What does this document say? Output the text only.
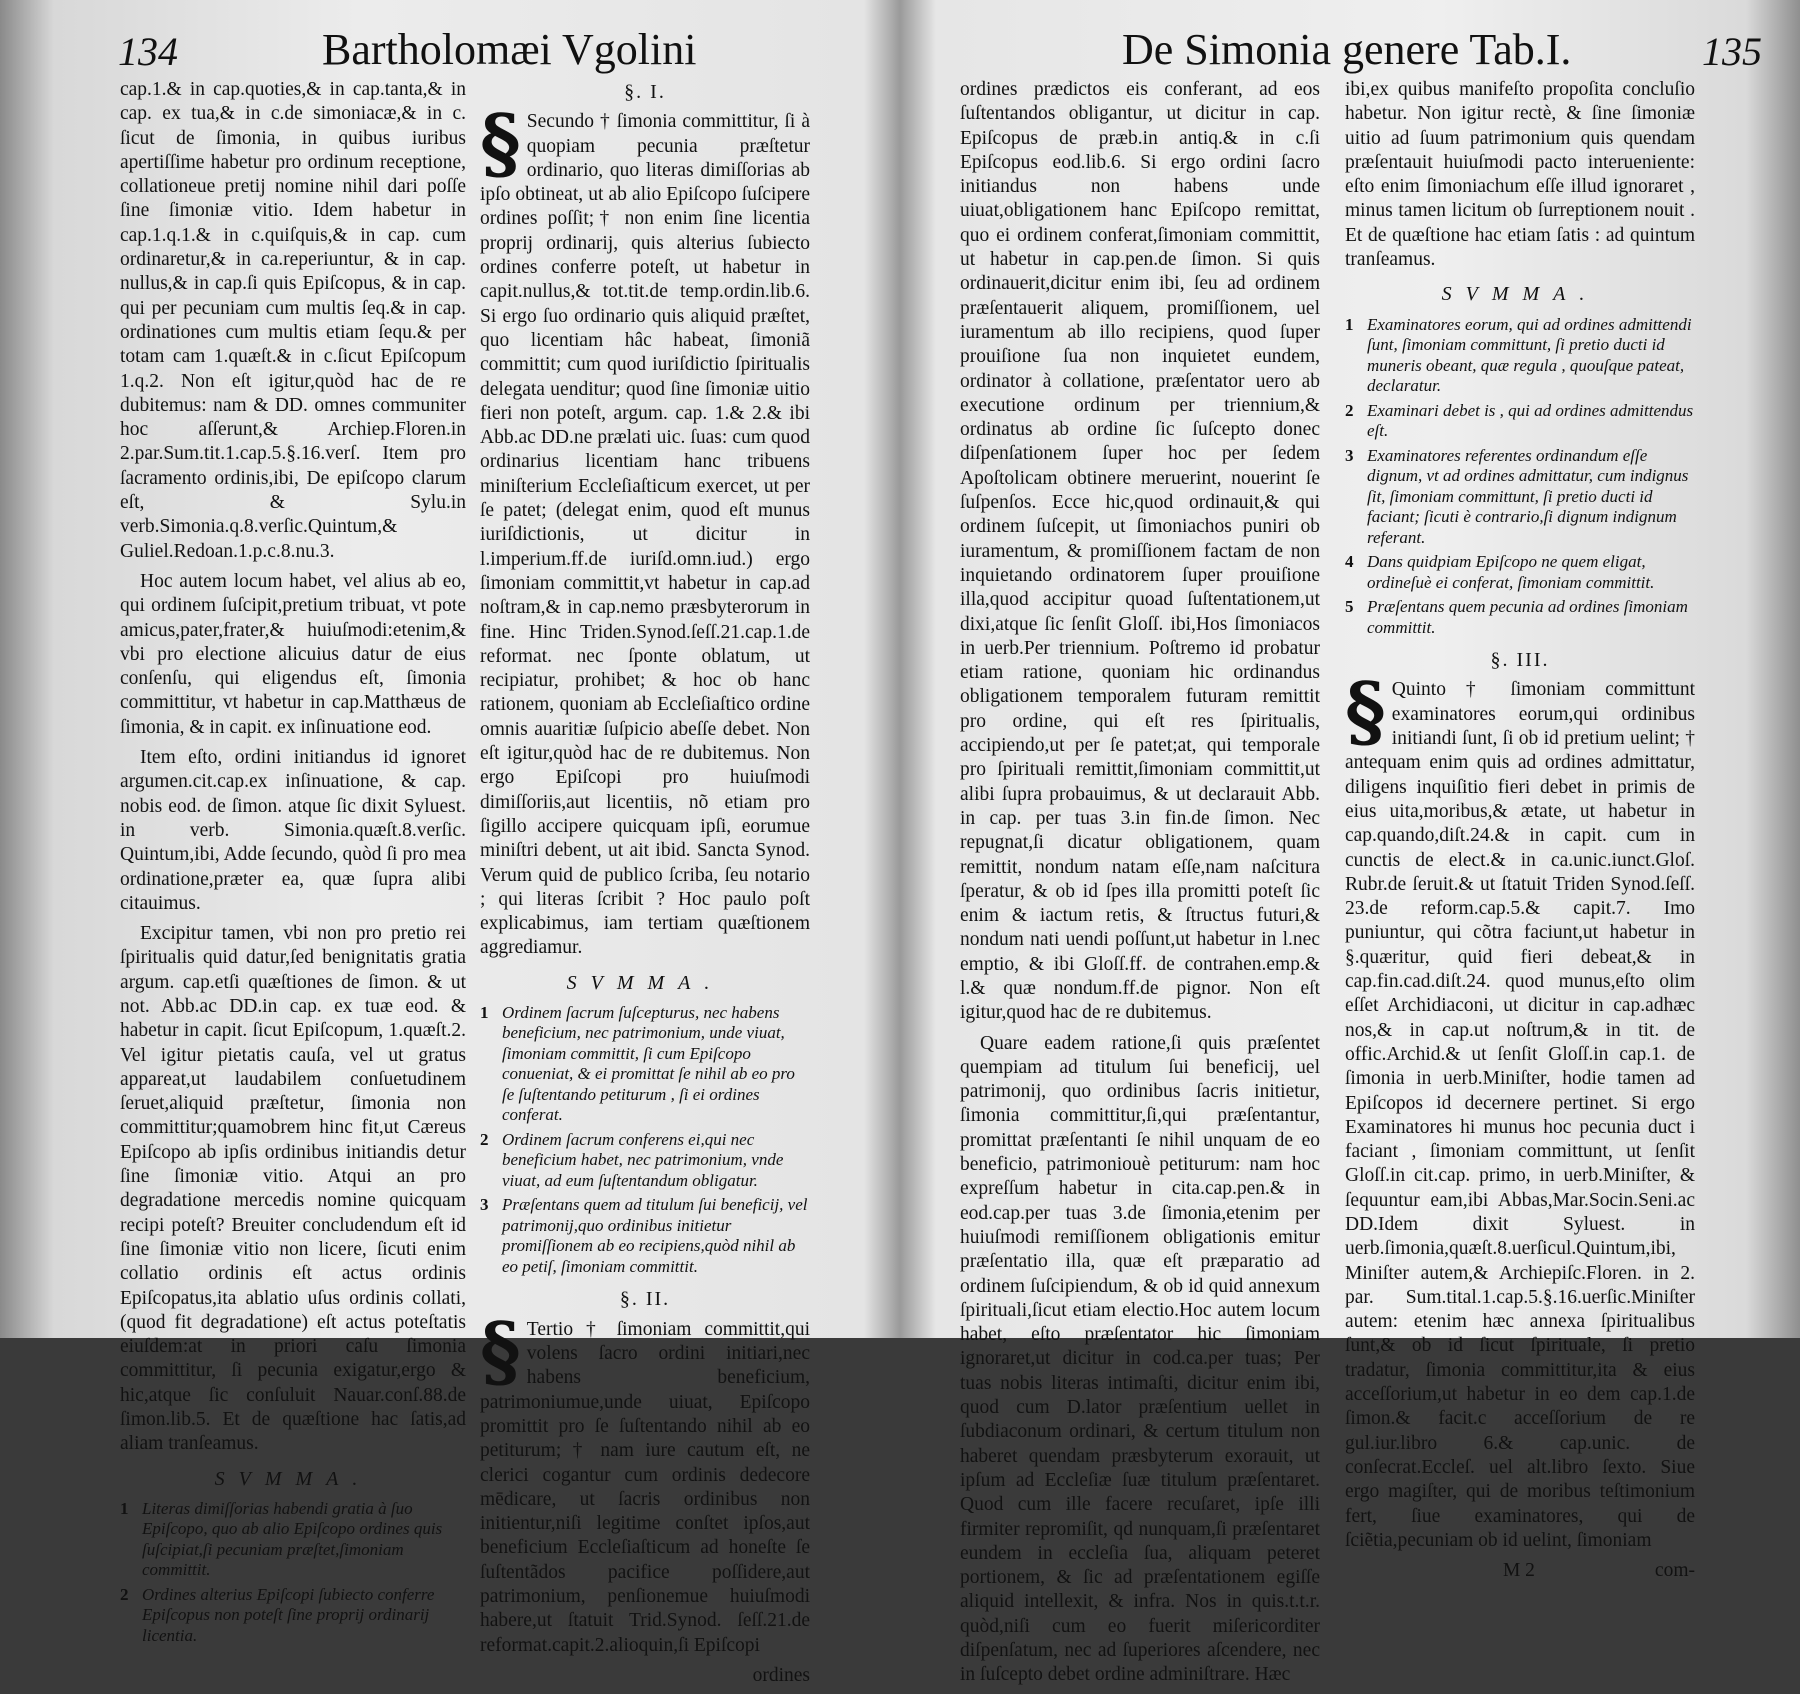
134	Bartholomæi Vgolini

cap.1.& in cap.quoties,& in cap.tanta,& in cap. ex tua,& in c.de simoniacæ,& in c. ſicut de ſimonia, in quibus iuribus apertiſſime habetur pro ordinum receptione, collationeue pretij nomine nihil dari poſſe ſine ſimoniæ vitio. Idem habetur in cap.1.q.1.& in c.quiſquis,& in cap. cum ordinaretur,& in ca.reperiuntur, & in cap. nullus,& in cap.ſi quis Epiſcopus, & in cap. qui per pecuniam cum multis ſeq.& in cap. ordinationes cum multis etiam ſequ.& per totam cam 1.quæſt.& in c.ſicut Epiſcopum 1.q.2. Non eſt igitur,quòd hac de re dubitemus: nam & DD. omnes communiter hoc aſſerunt,& Archiep.Floren.in 2.par.Sum.tit.1.cap.5.§.16.verſ. Item pro ſacramento ordinis,ibi, De epiſcopo clarum eſt, & Sylu.in verb.Simonia.q.8.verſic.Quintum,& Guliel.Redoan.1.p.c.8.nu.3.

Hoc autem locum habet, vel alius ab eo, qui ordinem ſuſcipit,pretium tribuat, vt pote amicus,pater,frater,& huiuſmodi:etenim,& vbi pro electione alicuius datur de eius conſenſu, qui eligendus eſt, ſimonia committitur, vt habetur in cap.Matthæus de ſimonia, & in capit. ex inſinuatione eod.

Item eſto, ordini initiandus id ignoret argumen.cit.cap.ex inſinuatione, & cap. nobis eod. de ſimon. atque ſic dixit Syluest. in verb. Simonia.quæſt.8.verſic. Quintum,ibi, Adde ſecundo, quòd ſi pro mea ordinatione,præter ea, quæ ſupra alibi citauimus.

Excipitur tamen, vbi non pro pretio rei ſpiritualis quid datur,ſed benignitatis gratia argum. cap.etſi quæſtiones de ſimon. & ut not. Abb.ac DD.in cap. ex tuæ eod. & habetur in capit. ſicut Epiſcopum, 1.quæſt.2. Vel igitur pietatis cauſa, vel ut gratus appareat,ut laudabilem conſuetudinem ſeruet,aliquid præſtetur, ſimonia non committitur;quamobrem hinc fit,ut Cæreus Epiſcopo ab ipſis ordinibus initiandis detur ſine ſimoniæ vitio. Atqui an pro degradatione mercedis nomine quicquam recipi poteſt? Breuiter concludendum eſt id ſine ſimoniæ vitio non licere, ſicuti enim collatio ordinis eſt actus ordinis Epiſcopatus,ita ablatio uſus ordinis collati, (quod fit degradatione) eſt actus poteſtatis eiuſdem:at in priori caſu ſimonia committitur, ſi pecunia exigatur,ergo & hic,atque ſic conſuluit Nauar.conſ.88.de ſimon.lib.5. Et de quæſtione hac ſatis,ad aliam tranſeamus.

SVMMA.
1 Literas dimiſſorias habendi gratia à ſuo Epiſcopo, quo ab alio Epiſcopo ordines quis ſuſcipiat,ſi pecuniam præſtet,ſimoniam committit.
2 Ordines alterius Epiſcopi ſubiecto conferre Epiſcopus non poteſt ſine proprij ordinarij licentia.
§. I.

§ Secundo † ſimonia committitur, ſi à quopiam pecunia præſtetur ordinario, quo literas dimiſſorias ab ipſo obtineat, ut ab alio Epiſcopo ſuſcipere ordines poſſit;† non enim ſine licentia proprij ordinarij, quis alterius ſubiecto ordines conferre poteſt, ut habetur in capit.nullus,& tot.tit.de temp.ordin.lib.6. Si ergo ſuo ordinario quis aliquid præſtet, quo licentiam hâc habeat, ſimoniã committit; cum quod iuriſdictio ſpiritualis delegata uenditur; quod ſine ſimoniæ uitio fieri non poteſt, argum. cap. 1.& 2.& ibi Abb.ac DD.ne prælati uic. ſuas: cum quod ordinarius licentiam hanc tribuens miniſterium Eccleſiaſticum exercet, ut per ſe patet; (delegat enim, quod eſt munus iuriſdictionis, ut dicitur in l.imperium.ff.de iuriſd.omn.iud.) ergo ſimoniam committit,vt habetur in cap.ad noſtram,& in cap.nemo præsbyterorum in fine. Hinc Triden.Synod.ſeſſ.21.cap.1.de reformat. nec ſponte oblatum, ut recipiatur, prohibet; & hoc ob hanc rationem, quoniam ab Eccleſiaſtico ordine omnis auaritiæ ſuſpicio abeſſe debet. Non eſt igitur,quòd hac de re dubitemus. Non ergo Epiſcopi pro huiuſmodi dimiſſoriis,aut licentiis, nõ etiam pro ſigillo accipere quicquam ipſi, eorumue miniſtri debent, ut ait ibid. Sancta Synod. Verum quid de publico ſcriba, ſeu notario ; qui literas ſcribit ? Hoc paulo poſt explicabimus, iam tertiam quæſtionem aggrediamur.

SVMMA.
1 Ordinem ſacrum ſuſcepturus, nec habens beneficium, nec patrimonium, unde viuat, ſimoniam committit, ſi cum Epiſcopo conueniat, & ei promittat ſe nihil ab eo pro ſe ſuſtentando petiturum , ſi ei ordines conferat.
2 Ordinem ſacrum conferens ei,qui nec beneficium habet, nec patrimonium, vnde viuat, ad eum ſuſtentandum obligatur.
3 Præſentans quem ad titulum ſui beneficij, vel patrimonij,quo ordinibus initietur promiſſionem ab eo recipiens,quòd nihil ab eo petiſ, ſimoniam committit.
§. II.

§ Tertio † ſimoniam committit,qui volens ſacro ordini initiari,nec habens beneficium, patrimoniumue,unde uiuat, Epiſcopo promittit pro ſe ſuſtentando nihil ab eo petiturum; † nam iure cautum eſt, ne clerici cogantur cum ordinis dedecore mēdicare, ut ſacris ordinibus non initientur,niſi legitime conſtet ipſos,aut beneficium Eccleſiaſticum ad honeſte ſe ſuſtentãdos pacifice poſſidere,aut patrimonium, penſionemue huiuſmodi habere,ut ſtatuit Trid.Synod. ſeſſ.21.de reformat.capit.2.alioquin,ſi Epiſcopi

ordines
De Simonia genere Tab.I.	135

ordines prædictos eis conferant, ad eos ſuſtentandos obligantur, ut dicitur in cap. Epiſcopus de præb.in antiq.& in c.ſi Epiſcopus eod.lib.6. Si ergo ordini ſacro initiandus non habens unde uiuat,obligationem hanc Epiſcopo remittat, quo ei ordinem conferat,ſimoniam committit, ut habetur in cap.pen.de ſimon. Si quis ordinauerit,dicitur enim ibi, ſeu ad ordinem præſentauerit aliquem, promiſſionem, uel iuramentum ab illo recipiens, quod ſuper prouiſione ſua non inquietet eundem, ordinator à collatione, præſentator uero ab executione ordinum per triennium,& ordinatus ab ordine ſic ſuſcepto donec diſpenſationem ſuper hoc per ſedem Apoſtolicam obtinere meruerint, nouerint ſe ſuſpenſos. Ecce hic,quod ordinauit,& qui ordinem ſuſcepit, ut ſimoniachos puniri ob iuramentum, & promiſſionem factam de non inquietando ordinatorem ſuper prouiſione illa,quod accipitur quoad ſuſtentationem,ut dixi,atque ſic ſenſit Gloſſ. ibi,Hos ſimoniacos in uerb.Per triennium. Poſtremo id probatur etiam ratione, quoniam hic ordinandus obligationem temporalem futuram remittit pro ordine, qui eſt res ſpiritualis, accipiendo,ut per ſe patet;at, qui temporale pro ſpirituali remittit,ſimoniam committit,ut alibi ſupra probauimus, & ut declarauit Abb. in cap. per tuas 3.in fin.de ſimon. Nec repugnat,ſi dicatur obligationem, quam remittit, nondum natam eſſe,nam naſcitura ſperatur, & ob id ſpes illa promitti poteſt ſic enim & iactum retis, & ſtructus futuri,& nondum nati uendi poſſunt,ut habetur in l.nec emptio, & ibi Gloſſ.ff. de contrahen.emp.& l.& quæ nondum.ff.de pignor. Non eſt igitur,quod hac de re dubitemus.

Quare eadem ratione,ſi quis præſentet quempiam ad titulum ſui beneficij, uel patrimonij, quo ordinibus ſacris initietur, ſimonia committitur,ſi,qui præſentantur, promittat præſentanti ſe nihil unquam de eo beneficio, patrimoniouè petiturum: nam hoc expreſſum habetur in cita.cap.pen.& in eod.cap.per tuas 3.de ſimonia,etenim per huiuſmodi remiſſionem obligationis emitur præſentatio illa, quæ eſt præparatio ad ordinem ſuſcipiendum, & ob id quid annexum ſpirituali,ſicut etiam electio.Hoc autem locum habet, eſto præſentator hic ſimoniam ignoraret,ut dicitur in cod.ca.per tuas; Per tuas nobis literas intimaſti, dicitur enim ibi, quod cum D.lator præſentium uellet in ſubdiaconum ordinari, & certum titulum non haberet quendam præsbyterum exorauit, ut ipſum ad Eccleſiæ ſuæ titulum præſentaret. Quod cum ille facere recuſaret, ipſe illi firmiter repromiſit, qd nunquam,ſi præſentaret eundem in eccleſia ſua, aliquam peteret portionem, & ſic ad præſentationem egiſſe aliquid intellexit, & infra. Nos in quis.t.t.r. quòd,niſi cum eo fuerit miſericorditer diſpenſatum, nec ad ſuperiores aſcendere, nec in ſuſcepto debet ordine adminiſtrare. Hæc

ibi,ex quibus manifeſto propoſita concluſio habetur. Non igitur rectè, & ſine ſimoniæ uitio ad ſuum patrimonium quis quendam præſentauit huiuſmodi pacto interueniente: eſto enim ſimoniachum eſſe illud ignoraret , minus tamen licitum ob ſurreptionem nouit . Et de quæſtione hac etiam ſatis : ad quintum tranſeamus.

SVMMA.
1 Examinatores eorum, qui ad ordines admittendi ſunt, ſimoniam committunt, ſi pretio ducti id muneris obeant, quæ regula , quouſque pateat, declaratur.
2 Examinari debet is , qui ad ordines admittendus eſt.
3 Examinatores referentes ordinandum eſſe dignum, vt ad ordines admittatur, cum indignus ſit, ſimoniam committunt, ſi pretio ducti id faciant; ſicuti è contrario,ſi dignum indignum referant.
4 Dans quidpiam Epiſcopo ne quem eligat, ordineſuè ei conferat, ſimoniam committit.
5 Præſentans quem pecunia ad ordines ſimoniam committit.
§. III.

§ Quinto † ſimoniam committunt examinatores eorum,qui ordinibus initiandi ſunt, ſi ob id pretium uelint; † antequam enim quis ad ordines admittatur, diligens inquiſitio fieri debet in primis de eius uita,moribus,& ætate, ut habetur in cap.quando,diſt.24.& in capit. cum in cunctis de elect.& in ca.unic.iunct.Gloſ. Rubr.de ſeruit.& ut ſtatuit Triden Synod.ſeſſ. 23.de reform.cap.5.& capit.7. Imo puniuntur, qui cõtra faciunt,ut habetur in §.quæritur, quid fieri debeat,& in cap.fin.cad.diſt.24. quod munus,eſto olim eſſet Archidiaconi, ut dicitur in cap.adhæc nos,& in cap.ut noſtrum,& in tit. de offic.Archid.& ut ſenſit Gloſſ.in cap.1. de ſimonia in uerb.Miniſter, hodie tamen ad Epiſcopos id decernere pertinet. Si ergo Examinatores hi munus hoc pecunia duct i faciant , ſimoniam committunt, ut ſenſit Gloſſ.in cit.cap. primo, in uerb.Miniſter, & ſequuntur eam,ibi Abbas,Mar.Socin.Seni.ac DD.Idem dixit Syluest. in uerb.ſimonia,quæſt.8.uerſicul.Quintum,ibi, Miniſter autem,& Archiepiſc.Floren. in 2. par. Sum.tital.1.cap.5.§.16.uerſic.Miniſter autem: etenim hæc annexa ſpiritualibus ſunt,& ob id ſicut ſpirituale, ſi pretio tradatur, ſimonia committitur,ita & eius acceſſorium,ut habetur in eo dem cap.1.de ſimon.& facit.c acceſſorium de re gul.iur.libro 6.& cap.unic. de conſecrat.Eccleſ. uel alt.libro ſexto. Siue ergo magiſter, qui de moribus teſtimonium fert, ſiue examinatores, qui de ſciẽtia,pecuniam ob id uelint, ſimoniam

M 2	com-
